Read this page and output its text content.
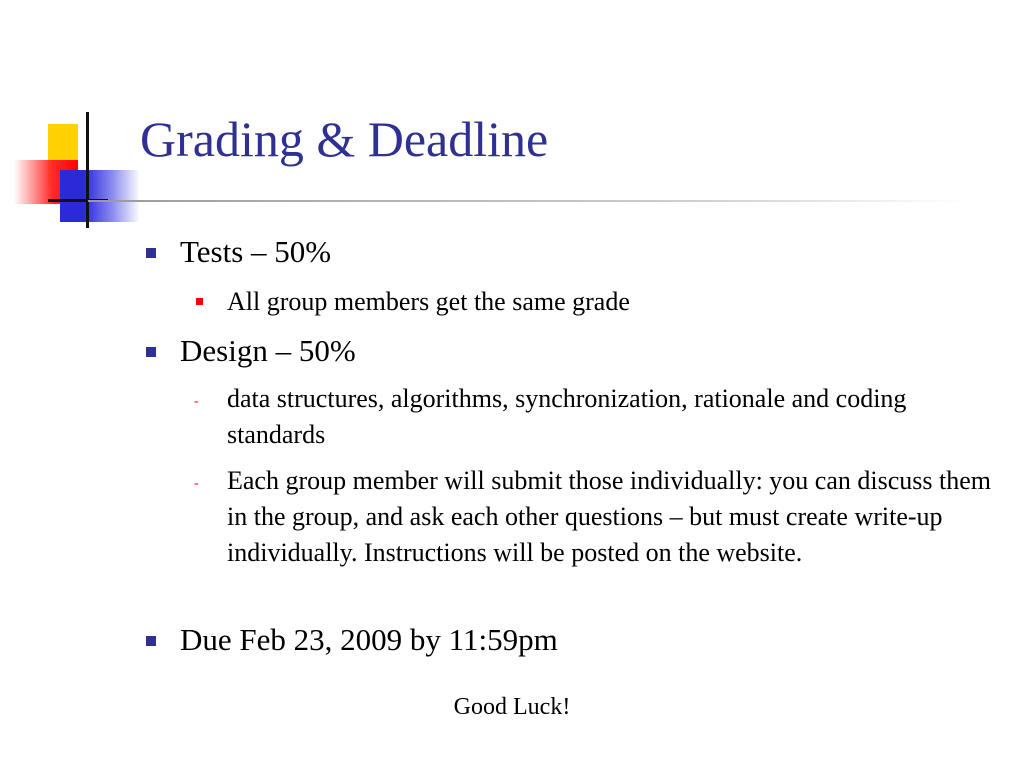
Grading & Deadline
Tests – 50%
All group members get the same grade
Design – 50%
- data structures, algorithms, synchronization, rationale and coding standards
- Each group member will submit those individually: you can discuss them in the group, and ask each other questions – but must create write-up individually. Instructions will be posted on the website.
Due Feb 23, 2009 by 11:59pm
Good Luck!
